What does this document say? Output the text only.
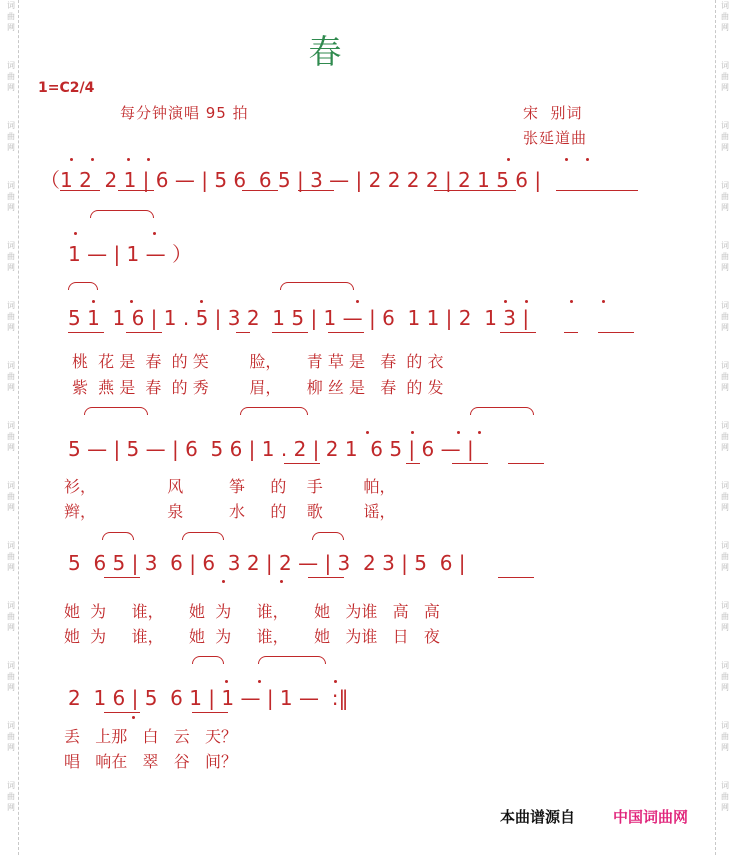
词
曲
网
词
曲
网
词
曲
网
词
曲
网
词
曲
网
词
曲
网
词
曲
网
词
曲
网
词
曲
网
词
曲
网
词
曲
网
词
曲
网
词
曲
网
词
曲
网
词
曲
网
词
曲
网
词
曲
网
词
曲
网
词
曲
网
词
曲
网
词
曲
网
词
曲
网
词
曲
网
词
曲
网
词
曲
网
词
曲
网
词
曲
网
词
曲
网
春
1=C2/4
每分钟演唱 95 拍	宋  别词
张延道曲
（1 2  2 1 | 6 — | 5 6  6 5 | 3 — | 2 2 2 2 | 2 1 5 6 |
1 — | 1 — ）
5 1  1 6 | 1 . 5 | 3 2  1 5 | 1 — | 6  1 1 | 2  1 3 |
桃  花 是  春  的 笑        脸，     青 草 是   春  的 衣
紫  燕 是  春  的 秀        眉，     柳 丝 是   春  的 发
5 — | 5 — | 6  5 6 | 1 . 2 | 2 1  6 5 | 6 — |
衫，              风         筝     的    手        帕，
辫，              泉         水     的    歌        谣，
5  6 5 | 3  6 | 6  3 2 | 2 — | 3  2 3 | 5  6 |
她  为     谁，     她  为     谁，     她   为谁   高   高
她  为     谁，     她  为     谁，     她   为谁   日   夜
2  1 6 | 5  6 1 | 1 — | 1 —  :‖
丢   上那   白   云   天？
唱   响在   翠   谷   间？
本曲谱源自	中国词曲网
